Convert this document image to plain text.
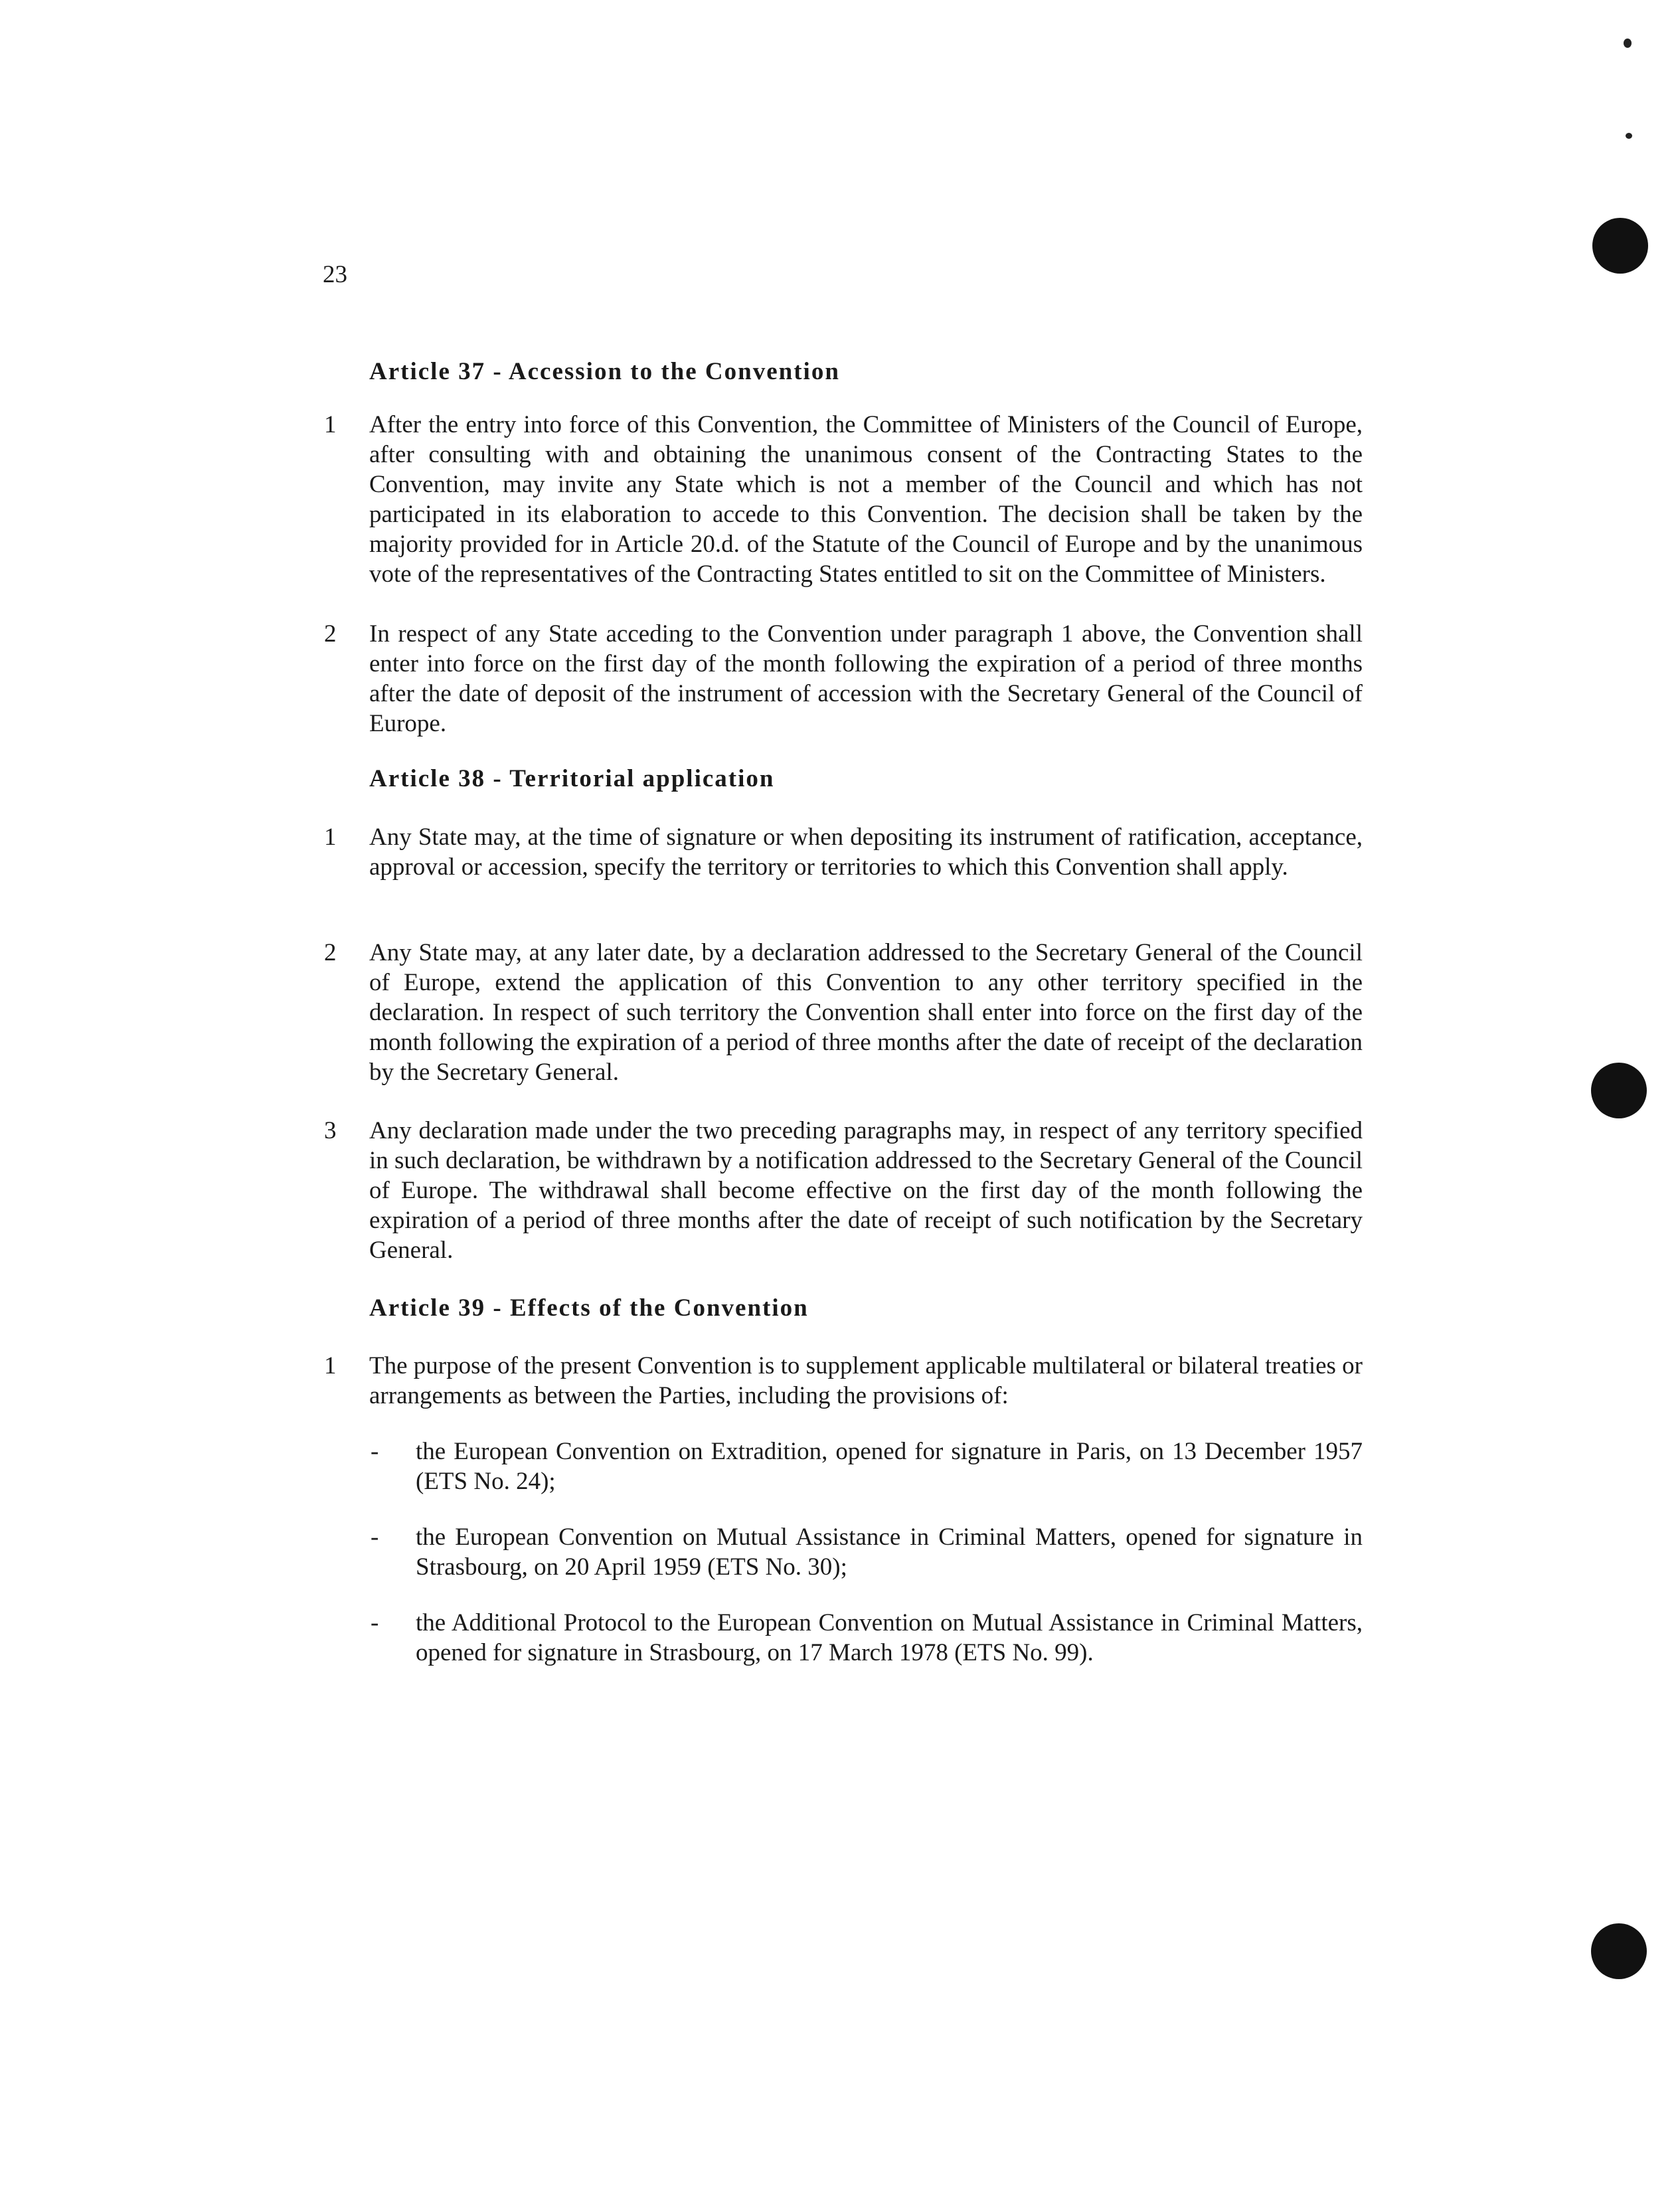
23
Article 37 - Accession to the Convention
1 After the entry into force of this Convention, the Committee of Ministers of the Council of Europe, after consulting with and obtaining the unanimous consent of the Contracting States to the Convention, may invite any State which is not a member of the Council and which has not participated in its elaboration to accede to this Convention. The decision shall be taken by the majority provided for in Article 20.d. of the Statute of the Council of Europe and by the unanimous vote of the representatives of the Contracting States entitled to sit on the Committee of Ministers.

2 In respect of any State acceding to the Convention under paragraph 1 above, the Convention shall enter into force on the first day of the month following the expiration of a period of three months after the date of deposit of the instrument of accession with the Secretary General of the Council of Europe.

Article 38 - Territorial application
1 Any State may, at the time of signature or when depositing its instrument of ratification, acceptance, approval or accession, specify the territory or territories to which this Convention shall apply.

2 Any State may, at any later date, by a declaration addressed to the Secretary General of the Council of Europe, extend the application of this Convention to any other territory specified in the declaration. In respect of such territory the Convention shall enter into force on the first day of the month following the expiration of a period of three months after the date of receipt of the declaration by the Secretary General.

3 Any declaration made under the two preceding paragraphs may, in respect of any territory specified in such declaration, be withdrawn by a notification addressed to the Secretary General of the Council of Europe. The withdrawal shall become effective on the first day of the month following the expiration of a period of three months after the date of receipt of such notification by the Secretary General.

Article 39 - Effects of the Convention
1 The purpose of the present Convention is to supplement applicable multilateral or bilateral treaties or arrangements as between the Parties, including the provisions of:

- the European Convention on Extradition, opened for signature in Paris, on 13 December 1957 (ETS No. 24);

- the European Convention on Mutual Assistance in Criminal Matters, opened for signature in Strasbourg, on 20 April 1959 (ETS No. 30);

- the Additional Protocol to the European Convention on Mutual Assistance in Criminal Matters, opened for signature in Strasbourg, on 17 March 1978 (ETS No. 99).
